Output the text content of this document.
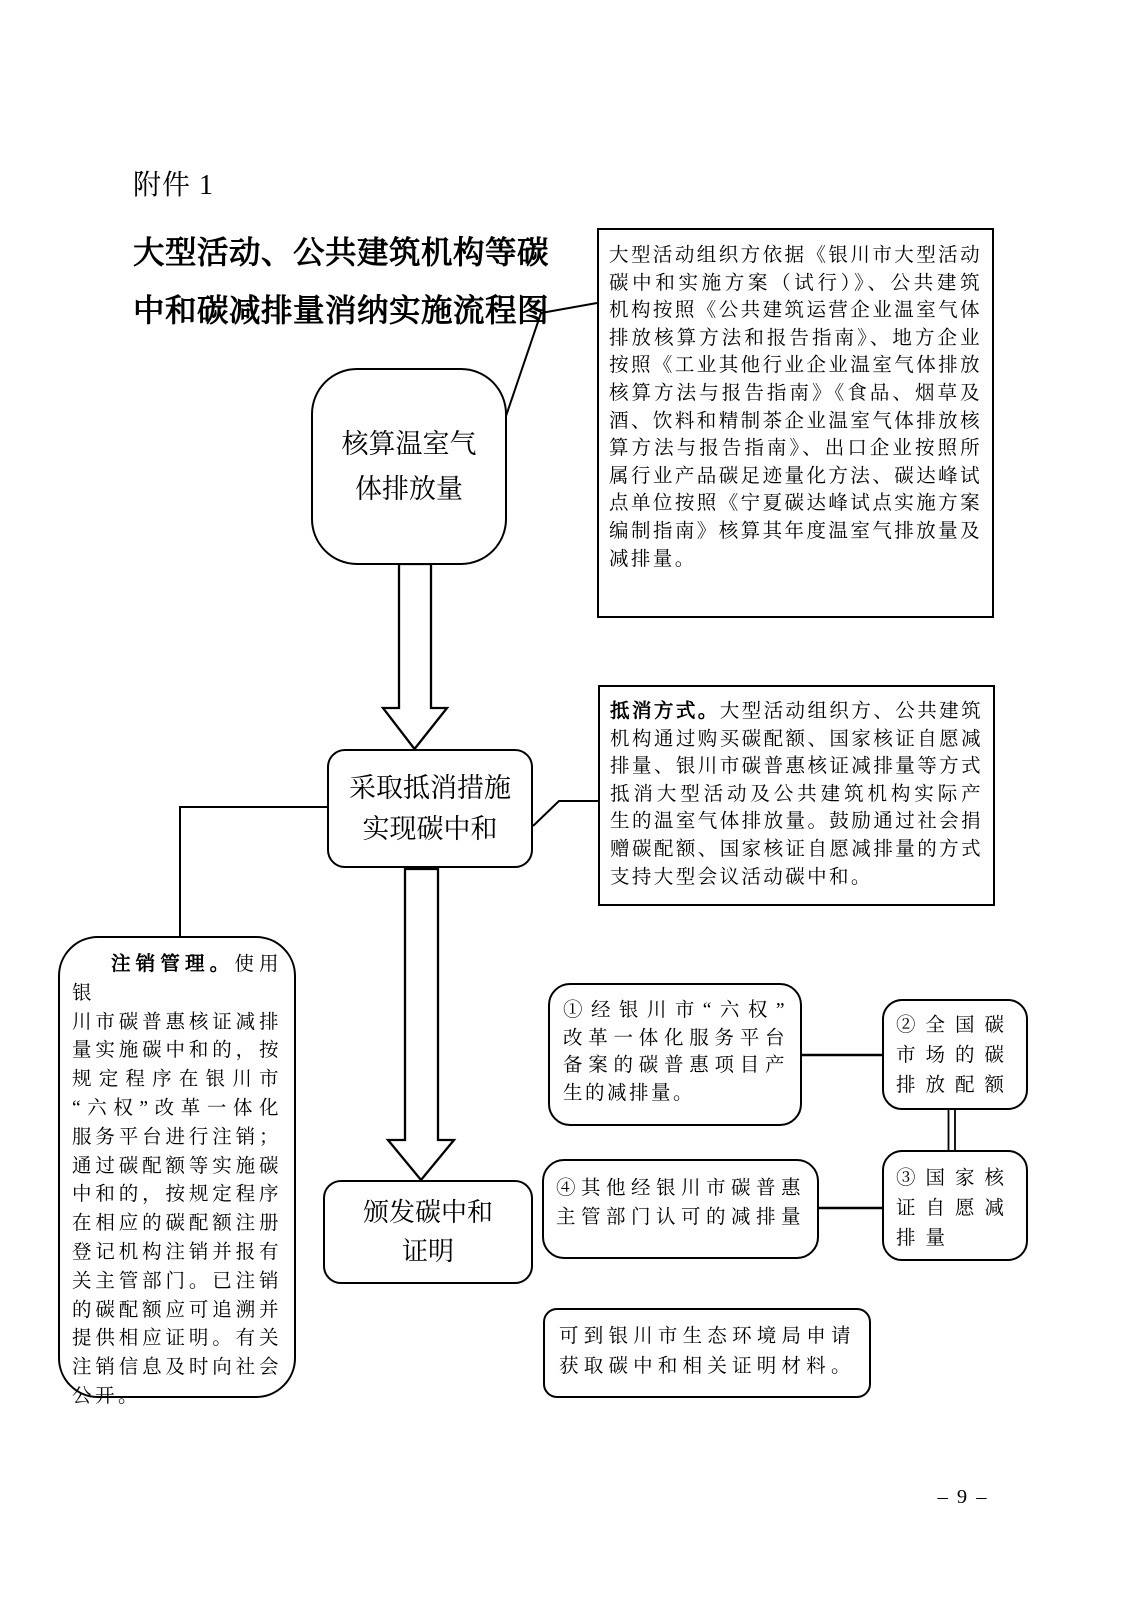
附件 1
大型活动、公共建筑机构等碳
中和碳减排量消纳实施流程图
大型活动组织方依据《银川市大型活动
碳中和实施方案（试行）》、公共建筑
机构按照《公共建筑运营企业温室气体
排放核算方法和报告指南》、地方企业
按照《工业其他行业企业温室气体排放
核算方法与报告指南》《食品、烟草及
酒、饮料和精制茶企业温室气体排放核
算方法与报告指南》、出口企业按照所
属行业产品碳足迹量化方法、碳达峰试
点单位按照《宁夏碳达峰试点实施方案
编制指南》核算其年度温室气排放量及
减排量。
核算温室气
体排放量
采取抵消措施
实现碳中和
抵消方式。大型活动组织方、公共建筑
机构通过购买碳配额、国家核证自愿减
排量、银川市碳普惠核证减排量等方式
抵消大型活动及公共建筑机构实际产
生的温室气体排放量。鼓励通过社会捐
赠碳配额、国家核证自愿减排量的方式
支持大型会议活动碳中和。
注销管理。使用银
川市碳普惠核证减排
量实施碳中和的，按
规定程序在银川市
“六权”改革一体化
服务平台进行注销；
通过碳配额等实施碳
中和的，按规定程序
在相应的碳配额注册
登记机构注销并报有
关主管部门。已注销
的碳配额应可追溯并
提供相应证明。有关
注销信息及时向社会
公开。
①经银川市“六权”
改革一体化服务平台
备案的碳普惠项目产
生的减排量。
②全国碳
市场的碳
排放配额
③国家核
证自愿减
排量
颁发碳中和
证明
④其他经银川市碳普惠
主管部门认可的减排量
可到银川市生态环境局申请
获取碳中和相关证明材料。
– 9 –
